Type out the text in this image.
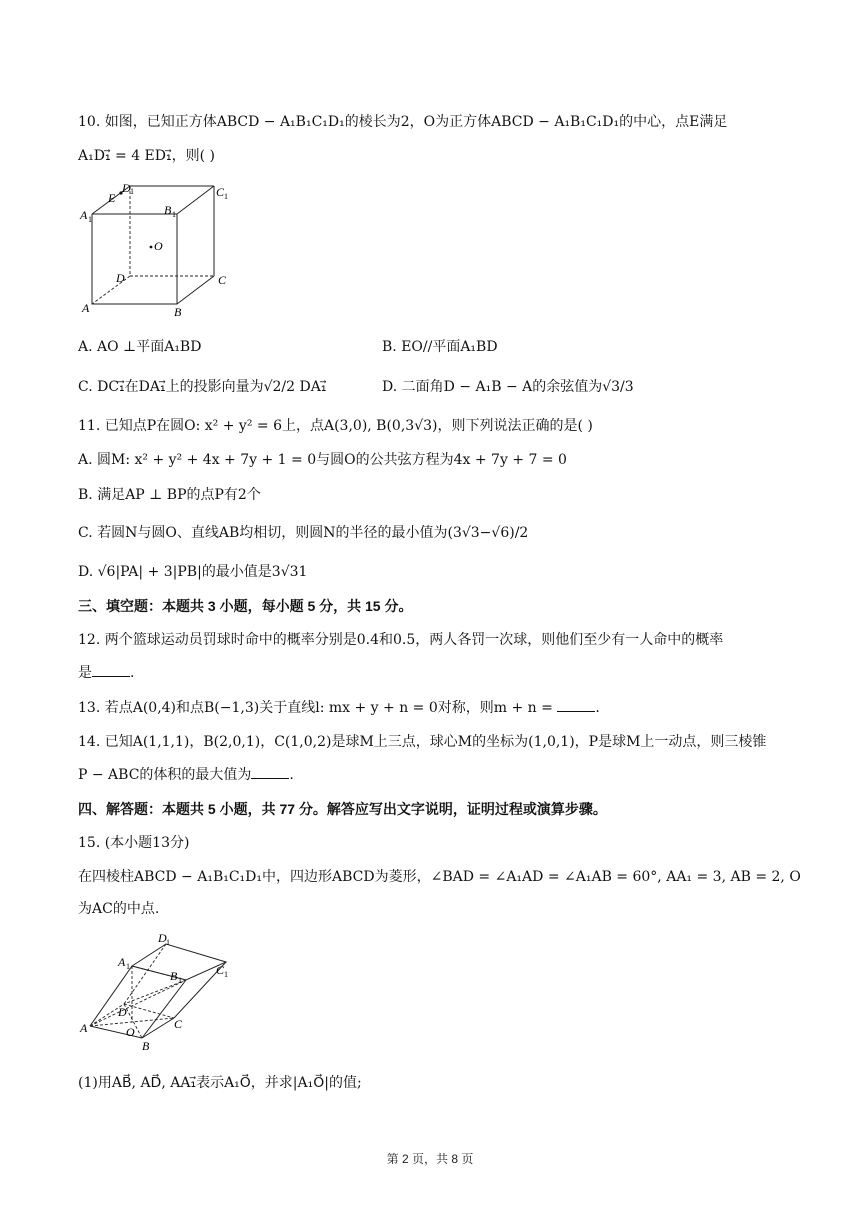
10. 如图，已知正方体ABCD − A₁B₁C₁D₁的棱长为2，O为正方体ABCD − A₁B₁C₁D₁的中心，点E满足
A₁D₁⃗ = 4 ED₁⃗，则( )
E
D 1	C 1
A 1
B 1
O
D	C
A	B
A. AO ⊥平面A₁BD	B. EO//平面A₁BD
C. DC₁⃗在DA₁⃗上的投影向量为√2/2 DA₁⃗	D. 二面角D − A₁B − A的余弦值为√3/3
11. 已知点P在圆O: x² + y² = 6上，点A(3,0), B(0,3√3)，则下列说法正确的是( )
A. 圆M: x² + y² + 4x + 7y + 1 = 0与圆O的公共弦方程为4x + 7y + 7 = 0
B. 满足AP ⊥ BP的点P有2个
C. 若圆N与圆O、直线AB均相切，则圆N的半径的最小值为(3√3−√6)/2
D. √6|PA| + 3|PB|的最小值是3√31
三、填空题：本题共 3 小题，每小题 5 分，共 15 分。
12. 两个篮球运动员罚球时命中的概率分别是0.4和0.5，两人各罚一次球，则他们至少有一人命中的概率
是	.
13. 若点A(0,4)和点B(−1,3)关于直线l: mx + y + n = 0对称，则m + n =	.
14. 已知A(1,1,1)，B(2,0,1)，C(1,0,2)是球M上三点，球心M的坐标为(1,0,1)，P是球M上一动点，则三棱锥
P − ABC的体积的最大值为	.
四、解答题：本题共 5 小题，共 77 分。解答应写出文字说明，证明过程或演算步骤。
15. (本小题13分)
在四棱柱ABCD − A₁B₁C₁D₁中，四边形ABCD为菱形，∠BAD = ∠A₁AD = ∠A₁AB = 60°, AA₁ = 3, AB = 2, O
为AC的中点.
D 1
A 1
B 1
C 1
D
A	O
C
B
(1)用AB⃗, AD⃗, AA₁⃗表示A₁O⃗，并求|A₁O⃗|的值;
第 2 页，共 8 页
